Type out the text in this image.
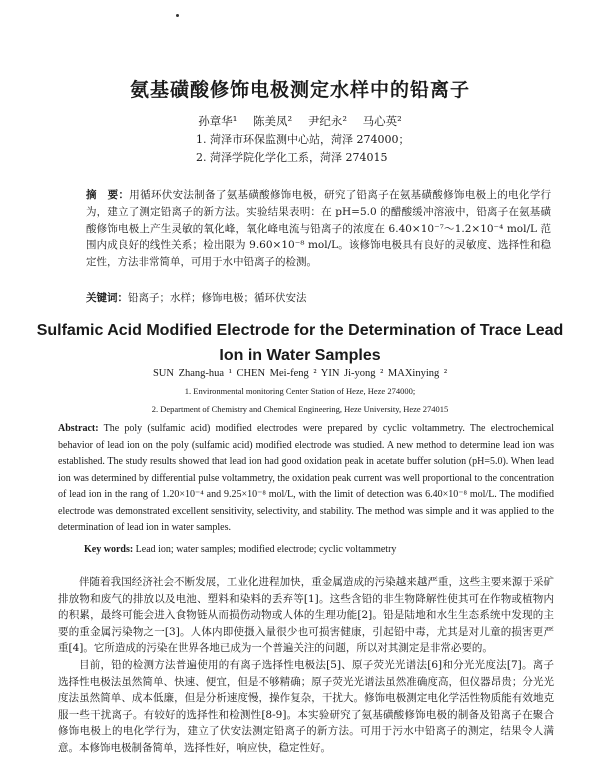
氨基磺酸修饰电极测定水样中的铅离子
孙章华¹ 陈美凤² 尹纪永² 马心英²
1. 菏泽市环保监测中心站，菏泽 274000；
2. 菏泽学院化学化工系，菏泽 274015
摘　要：用循环伏安法制备了氨基磺酸修饰电极，研究了铅离子在氨基磺酸修饰电极上的电化学行为，建立了测定铅离子的新方法。实验结果表明：在 pH=5.0 的醋酸缓冲溶液中，铅离子在氨基磺酸修饰电极上产生灵敏的氧化峰，氧化峰电流与铅离子的浓度在 6.40×10⁻⁷～1.2×10⁻⁴ mol/L 范围内成良好的线性关系；检出限为 9.60×10⁻⁸ mol/L。该修饰电极具有良好的灵敏度、选择性和稳定性，方法非常简单，可用于水中铅离子的检测。
关键词：铅离子；水样；修饰电极；循环伏安法
Sulfamic Acid Modified Electrode for the Determination of Trace Lead
Ion in Water Samples
SUN Zhang-hua ¹ CHEN Mei-feng ² YIN Ji-yong ² MAXinying ²
1. Environmental monitoring Center Station of Heze, Heze 274000;
2. Department of Chemistry and Chemical Engineering, Heze University, Heze 274015
Abstract: The poly (sulfamic acid) modified electrodes were prepared by cyclic voltammetry. The electrochemical behavior of lead ion on the poly (sulfamic acid) modified electrode was studied. A new method to determine lead ion was established. The study results showed that lead ion had good oxidation peak in acetate buffer solution (pH=5.0). When lead ion was determined by differential pulse voltammetry, the oxidation peak current was well proportional to the concentration of lead ion in the rang of 1.20×10⁻⁴ and 9.25×10⁻⁸ mol/L, with the limit of detection was 6.40×10⁻⁸ mol/L. The modified electrode was demonstrated excellent sensitivity, selectivity, and stability. The method was simple and it was applied to the determination of lead ion in water samples.
Key words: Lead ion; water samples; modified electrode; cyclic voltammetry

伴随着我国经济社会不断发展，工业化进程加快，重金属造成的污染越来越严重，这些主要来源于采矿排放物和废气的排放以及电池、塑料和染料的丢弃等[1]。这些含铅的非生物降解性使其可在作物或植物内的积累，最终可能会进入食物链从而损伤动物或人体的生理功能[2]。铅是陆地和水生生态系统中发现的主要的重金属污染物之一[3]。人体内即使摄入量很少也可损害健康，引起铅中毒，尤其是对儿童的损害更严重[4]。它所造成的污染在世界各地已成为一个普遍关注的问题，所以对其測定是非常必要的。

目前，铅的检测方法普遍使用的有离子选择性电极法[5]、原子荧光光谱法[6]和分光光度法[7]。离子选择性电极法虽然简单、快速、便宜，但是不够精确；原子荧光光谱法虽然准确度高，但仪器昂贵；分光光度法虽然简单、成本低廉，但是分析速度慢，操作复杂，干扰大。修饰电极测定电化学活性物质能有效地克服一些干扰离子。有较好的选择性和检测性[8-9]。本实验研究了氨基磺酸修饰电极的制备及铅离子在聚合修饰电极上的电化学行为，建立了伏安法测定铅离子的新方法。可用于污水中铅离子的测定，结果令人满意。本修饰电极制备简单，选择性好，响应快，稳定性好。
